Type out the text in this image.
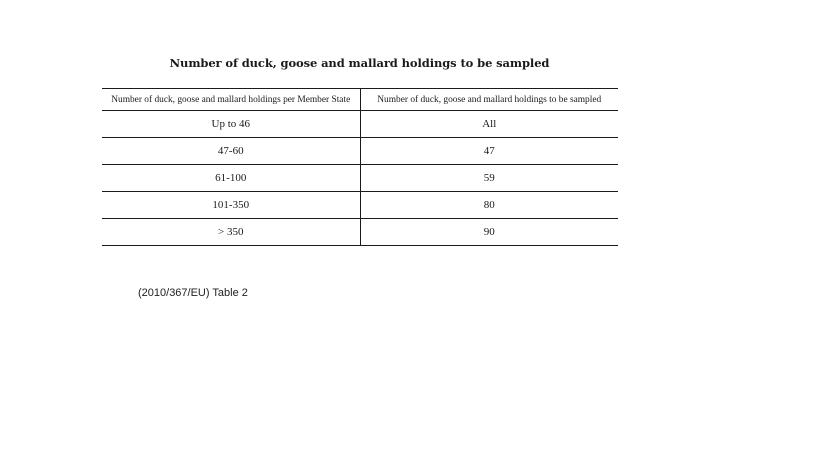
Number of duck, goose and mallard holdings to be sampled
Number of duck, goose and mallard holdings per Member State	Number of duck, goose and mallard holdings to be sampled
Up to 46	All
47-60	47
61-100	59
101-350	80
> 350	90
(2010/367/EU) Table 2
